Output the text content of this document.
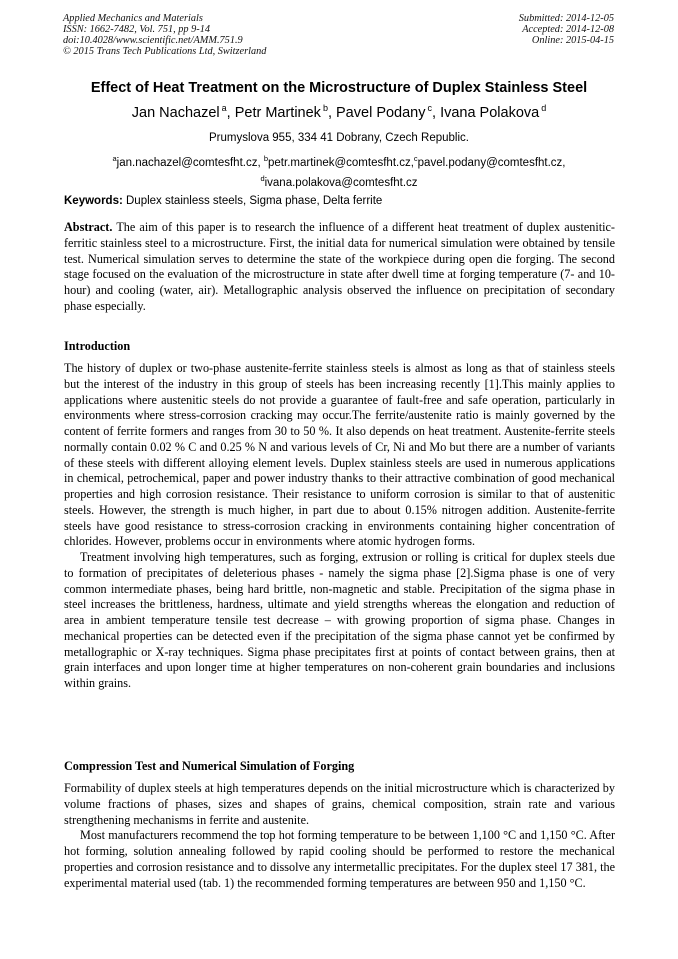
Applied Mechanics and Materials
ISSN: 1662-7482, Vol. 751, pp 9-14
doi:10.4028/www.scientific.net/AMM.751.9
© 2015 Trans Tech Publications Ltd, Switzerland
Submitted: 2014-12-05
Accepted: 2014-12-08
Online: 2015-04-15
Effect of Heat Treatment on the Microstructure of Duplex Stainless Steel
Jan Nachazel $^a$, Petr Martinek $^b$, Pavel Podany $^c$, Ivana Polakova $^d$
Prumyslova 955, 334 41 Dobrany, Czech Republic.
$^a$jan.nachazel@comtesfht.cz, $^b$petr.martinek@comtesfht.cz,$^c$pavel.podany@comtesfht.cz,
$^d$ivana.polakova@comtesfht.cz
Keywords: Duplex stainless steels, Sigma phase, Delta ferrite

Abstract. The aim of this paper is to research the influence of a different heat treatment of duplex austenitic-ferritic stainless steel to a microstructure. First, the initial data for numerical simulation were obtained by tensile test. Numerical simulation serves to determine the state of the workpiece during open die forging. The second stage focused on the evaluation of the microstructure in state after dwell time at forging temperature (7- and 10-hour) and cooling (water, air). Metallographic analysis observed the influence on precipitation of secondary phase especially.

Introduction

The history of duplex or two-phase austenite-ferrite stainless steels is almost as long as that of stainless steels but the interest of the industry in this group of steels has been increasing recently [1].This mainly applies to applications where austenitic steels do not provide a guarantee of fault-free and safe operation, particularly in environments where stress-corrosion cracking may occur.The ferrite/austenite ratio is mainly governed by the content of ferrite formers and ranges from 30 to 50 %. It also depends on heat treatment. Austenite-ferrite steels normally contain 0.02 % C and 0.25 % N and various levels of Cr, Ni and Mo but there are a number of variants of these steels with different alloying element levels. Duplex stainless steels are used in numerous applications in chemical, petrochemical, paper and power industry thanks to their attractive combination of good mechanical properties and high corrosion resistance. Their resistance to uniform corrosion is similar to that of austenitic steels. However, the strength is much higher, in part due to about 0.15% nitrogen addition. Austenite-ferrite steels have good resistance to stress-corrosion cracking in environments containing higher concentration of chlorides. However, problems occur in environments where atomic hydrogen forms.

Treatment involving high temperatures, such as forging, extrusion or rolling is critical for duplex steels due to formation of precipitates of deleterious phases - namely the sigma phase [2].Sigma phase is one of very common intermediate phases, being hard brittle, non-magnetic and stable. Precipitation of the sigma phase in steel increases the brittleness, hardness, ultimate and yield strengths whereas the elongation and reduction of area in ambient temperature tensile test decrease – with growing proportion of sigma phase. Changes in mechanical properties can be detected even if the precipitation of the sigma phase cannot yet be confirmed by metallographic or X-ray techniques. Sigma phase precipitates first at points of contact between grains, then at grain interfaces and upon longer time at higher temperatures on non-coherent grain boundaries and inclusions within grains.

Compression Test and Numerical Simulation of Forging

Formability of duplex steels at high temperatures depends on the initial microstructure which is characterized by volume fractions of phases, sizes and shapes of grains, chemical composition, strain rate and various strengthening mechanisms in ferrite and austenite.

Most manufacturers recommend the top hot forming temperature to be between 1,100 °C and 1,150 °C. After hot forming, solution annealing followed by rapid cooling should be performed to restore the mechanical properties and corrosion resistance and to dissolve any intermetallic precipitates. For the duplex steel 17 381, the experimental material used (tab. 1) the recommended forming temperatures are between 950 and 1,150 °C.
